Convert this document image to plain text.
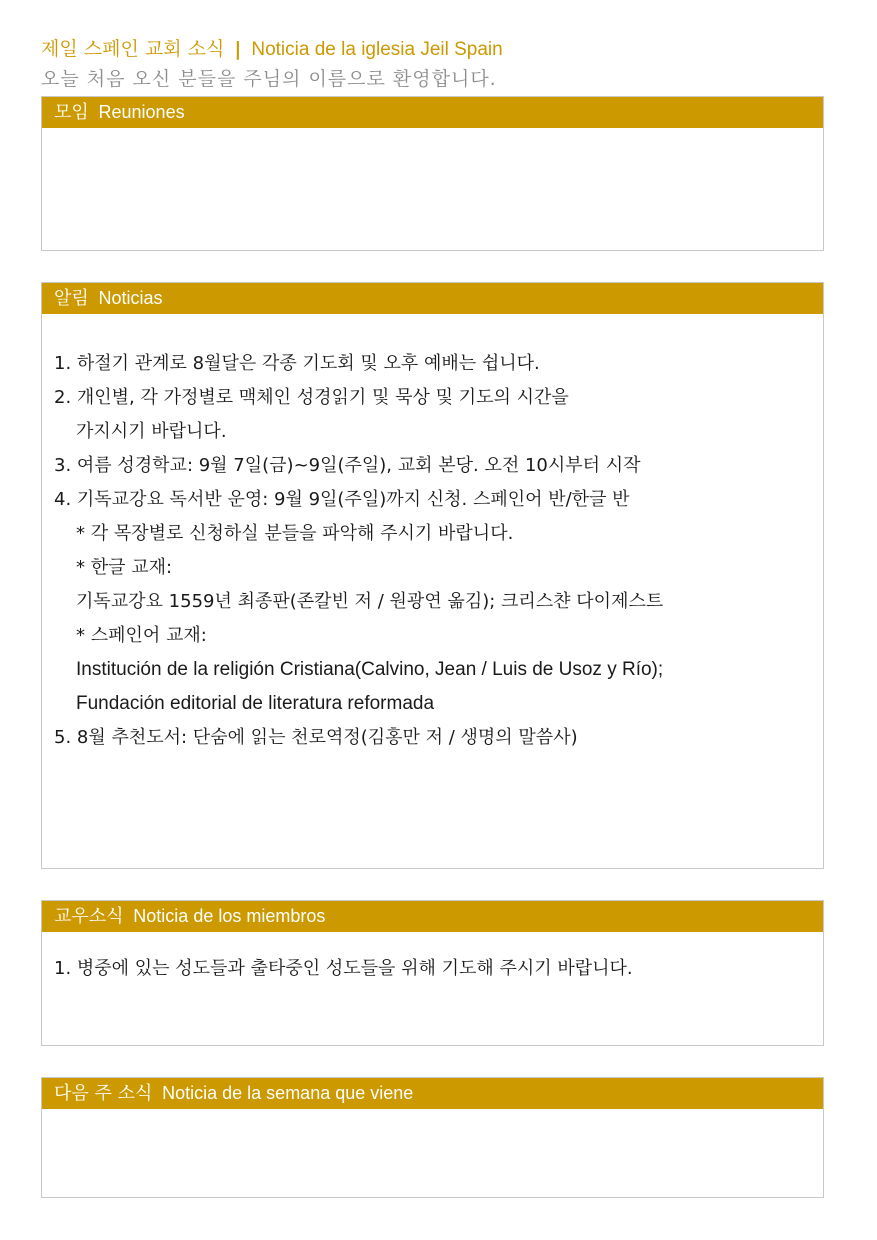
제일 스페인 교회 소식 | Noticia de la iglesia Jeil Spain
오늘 처음 오신 분들을 주님의 이름으로 환영합니다.
모임 Reuniones
알림 Noticias
1. 하절기 관계로 8월달은 각종 기도회 및 오후 예배는 쉽니다.
2. 개인별, 각 가정별로 맥체인 성경읽기 및 묵상 및 기도의 시간을
가지시기 바랍니다.
3. 여름 성경학교: 9월 7일(금)~9일(주일), 교회 본당. 오전 10시부터 시작
4. 기독교강요 독서반 운영: 9월 9일(주일)까지 신청. 스페인어 반/한글 반
* 각 목장별로 신청하실 분들을 파악해 주시기 바랍니다.
* 한글 교재:
기독교강요 1559년 최종판(존칼빈 저 / 원광연 옮김); 크리스챤 다이제스트
* 스페인어 교재:
Institución de la religión Cristiana(Calvino, Jean / Luis de Usoz y Río);
Fundación editorial de literatura reformada
5. 8월 추천도서: 단숨에 읽는 천로역정(김홍만 저 / 생명의 말씀사)
교우소식 Noticia de los miembros
1. 병중에 있는 성도들과 출타중인 성도들을 위해 기도해 주시기 바랍니다.
다음 주 소식 Noticia de la semana que viene
